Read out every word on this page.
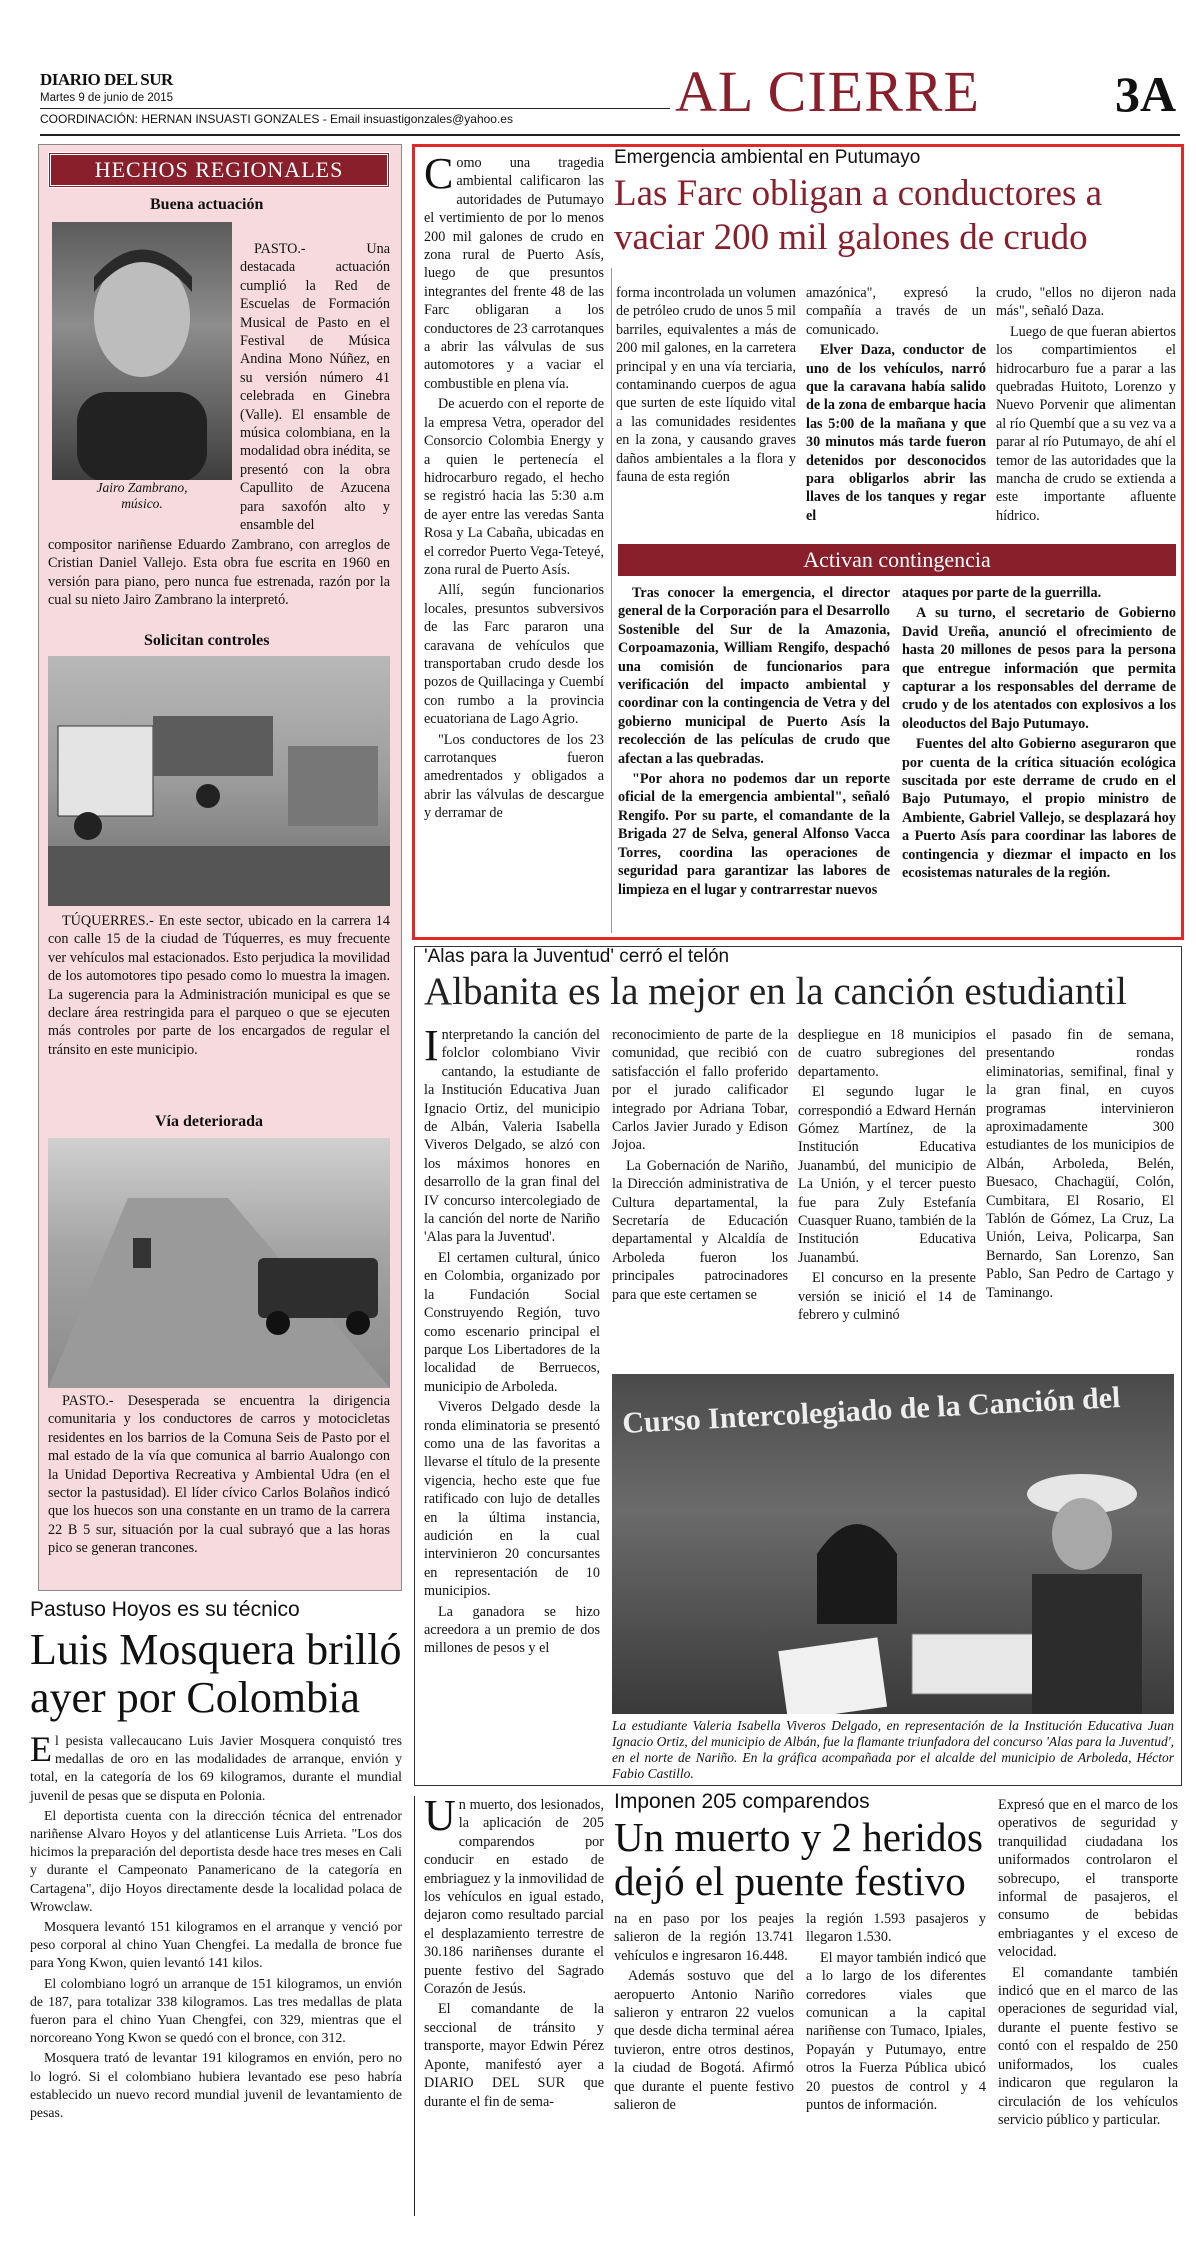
DIARIO DEL SUR
Martes 9 de junio de 2015
COORDINACIÓN: HERNAN INSUASTI GONZALES - Email insuastigonzales@yahoo.es	AL CIERRE	3A
HECHOS REGIONALES
Buena actuación
Jairo Zambrano, músico.

PASTO.- Una destacada actuación cumplió la Red de Escuelas de Formación Musical de Pasto en el Festival de Música Andina Mono Núñez, en su versión número 41 celebrada en Ginebra (Valle). El ensamble de música colombiana, en la modalidad obra inédita, se presentó con la obra Capullito de Azucena para saxofón alto y ensamble del

compositor nariñense Eduardo Zambrano, con arreglos de Cristian Daniel Vallejo. Esta obra fue escrita en 1960 en versión para piano, pero nunca fue estrenada, razón por la cual su nieto Jairo Zambrano la interpretó.

Solicitan controles

TÚQUERRES.- En este sector, ubicado en la carrera 14 con calle 15 de la ciudad de Túquerres, es muy frecuente ver vehículos mal estacionados. Esto perjudica la movilidad de los automotores tipo pesado como lo muestra la imagen. La sugerencia para la Administración municipal es que se declare área restringida para el parqueo o que se ejecuten más controles por parte de los encargados de regular el tránsito en este municipio.

Vía deteriorada

PASTO.- Desesperada se encuentra la dirigencia comunitaria y los conductores de carros y motocicletas residentes en los barrios de la Comuna Seis de Pasto por el mal estado de la vía que comunica al barrio Aualongo con la Unidad Deportiva Recreativa y Ambiental Udra (en el sector la pastusidad). El líder cívico Carlos Bolaños indicó que los huecos son una constante en un tramo de la carrera 22 B 5 sur, situación por la cual subrayó que a las horas pico se generan trancones.

Emergencia ambiental en Putumayo
Las Farc obligan a conductores a vaciar 200 mil galones de crudo

Como una tragedia ambiental calificaron las autoridades de Putumayo el vertimiento de por lo menos 200 mil galones de crudo en zona rural de Puerto Asís, luego de que presuntos integrantes del frente 48 de las Farc obligaran a los conductores de 23 carrotanques a abrir las válvulas de sus automotores y a vaciar el combustible en plena vía.

De acuerdo con el reporte de la empresa Vetra, operador del Consorcio Colombia Energy y a quien le pertenecía el hidrocarburo regado, el hecho se registró hacia las 5:30 a.m de ayer entre las veredas Santa Rosa y La Cabaña, ubicadas en el corredor Puerto Vega-Teteyé, zona rural de Puerto Asís.

Allí, según funcionarios locales, presuntos subversivos de las Farc pararon una caravana de vehículos que transportaban crudo desde los pozos de Quillacinga y Cuembí con rumbo a la provincia ecuatoriana de Lago Agrio.

"Los conductores de los 23 carrotanques fueron amedrentados y obligados a abrir las válvulas de descargue y derramar de

forma incontrolada un volumen de petróleo crudo de unos 5 mil barriles, equivalentes a más de 200 mil galones, en la carretera principal y en una vía terciaria, contaminando cuerpos de agua que surten de este líquido vital a las comunidades residentes en la zona, y causando graves daños ambientales a la flora y fauna de esta región

amazónica", expresó la compañía a través de un comunicado.

Elver Daza, conductor de uno de los vehículos, narró que la caravana había salido de la zona de embarque hacia las 5:00 de la mañana y que 30 minutos más tarde fueron detenidos por desconocidos para obligarlos abrir las llaves de los tanques y regar el

crudo, "ellos no dijeron nada más", señaló Daza.

Luego de que fueran abiertos los compartimientos el hidrocarburo fue a parar a las quebradas Huitoto, Lorenzo y Nuevo Porvenir que alimentan al río Quembí que a su vez va a parar al río Putumayo, de ahí el temor de las autoridades que la mancha de crudo se extienda a este importante afluente hídrico.

Activan contingencia

Tras conocer la emergencia, el director general de la Corporación para el Desarrollo Sostenible del Sur de la Amazonia, Corpoamazonia, William Rengifo, despachó una comisión de funcionarios para verificación del impacto ambiental y coordinar con la contingencia de Vetra y del gobierno municipal de Puerto Asís la recolección de las películas de crudo que afectan a las quebradas.

"Por ahora no podemos dar un reporte oficial de la emergencia ambiental", señaló Rengifo. Por su parte, el comandante de la Brigada 27 de Selva, general Alfonso Vacca Torres, coordina las operaciones de seguridad para garantizar las labores de limpieza en el lugar y contrarrestar nuevos

ataques por parte de la guerrilla.

A su turno, el secretario de Gobierno David Ureña, anunció el ofrecimiento de hasta 20 millones de pesos para la persona que entregue información que permita capturar a los responsables del derrame de crudo y de los atentados con explosivos a los oleoductos del Bajo Putumayo.

Fuentes del alto Gobierno aseguraron que por cuenta de la crítica situación ecológica suscitada por este derrame de crudo en el Bajo Putumayo, el propio ministro de Ambiente, Gabriel Vallejo, se desplazará hoy a Puerto Asís para coordinar las labores de contingencia y diezmar el impacto en los ecosistemas naturales de la región.

'Alas para la Juventud' cerró el telón
Albanita es la mejor en la canción estudiantil

Interpretando la canción del folclor colombiano Vivir cantando, la estudiante de la Institución Educativa Juan Ignacio Ortiz, del municipio de Albán, Valeria Isabella Viveros Delgado, se alzó con los máximos honores en desarrollo de la gran final del IV concurso intercolegiado de la canción del norte de Nariño 'Alas para la Juventud'.

El certamen cultural, único en Colombia, organizado por la Fundación Social Construyendo Región, tuvo como escenario principal el parque Los Libertadores de la localidad de Berruecos, municipio de Arboleda.

Viveros Delgado desde la ronda eliminatoria se presentó como una de las favoritas a llevarse el título de la presente vigencia, hecho este que fue ratificado con lujo de detalles en la última instancia, audición en la cual intervinieron 20 concursantes en representación de 10 municipios.

La ganadora se hizo acreedora a un premio de dos millones de pesos y el

reconocimiento de parte de la comunidad, que recibió con satisfacción el fallo proferido por el jurado calificador integrado por Adriana Tobar, Carlos Javier Jurado y Edison Jojoa.

La Gobernación de Nariño, la Dirección administrativa de Cultura departamental, la Secretaría de Educación departamental y Alcaldía de Arboleda fueron los principales patrocinadores para que este certamen se

despliegue en 18 municipios de cuatro subregiones del departamento.

El segundo lugar le correspondió a Edward Hernán Gómez Martínez, de la Institución Educativa Juanambú, del municipio de La Unión, y el tercer puesto fue para Zuly Estefanía Cuasquer Ruano, también de la Institución Educativa Juanambú.

El concurso en la presente versión se inició el 14 de febrero y culminó

el pasado fin de semana, presentando rondas eliminatorias, semifinal, final y la gran final, en cuyos programas intervinieron aproximadamente 300 estudiantes de los municipios de Albán, Arboleda, Belén, Buesaco, Chachagüí, Colón, Cumbitara, El Rosario, El Tablón de Gómez, La Cruz, La Unión, Leiva, Policarpa, San Bernardo, San Lorenzo, San Pablo, San Pedro de Cartago y Taminango.

Curso Intercolegiado de la Canción del
La estudiante Valeria Isabella Viveros Delgado, en representación de la Institución Educativa Juan Ignacio Ortiz, del municipio de Albán, fue la flamante triunfadora del concurso 'Alas para la Juventud', en el norte de Nariño. En la gráfica acompañada por el alcalde del municipio de Arboleda, Héctor Fabio Castillo.
Pastuso Hoyos es su técnico
Luis Mosquera brilló ayer por Colombia

El pesista vallecaucano Luis Javier Mosquera conquistó tres medallas de oro en las modalidades de arranque, envión y total, en la categoría de los 69 kilogramos, durante el mundial juvenil de pesas que se disputa en Polonia.

El deportista cuenta con la dirección técnica del entrenador nariñense Alvaro Hoyos y del atlanticense Luis Arrieta. "Los dos hicimos la preparación del deportista desde hace tres meses en Cali y durante el Campeonato Panamericano de la categoría en Cartagena", dijo Hoyos directamente desde la localidad polaca de Wrowclaw.

Mosquera levantó 151 kilogramos en el arranque y venció por peso corporal al chino Yuan Chengfei. La medalla de bronce fue para Yong Kwon, quien levantó 141 kilos.

El colombiano logró un arranque de 151 kilogramos, un envión de 187, para totalizar 338 kilogramos. Las tres medallas de plata fueron para el chino Yuan Chengfei, con 329, mientras que el norcoreano Yong Kwon se quedó con el bronce, con 312.

Mosquera trató de levantar 191 kilogramos en envión, pero no lo logró. Si el colombiano hubiera levantado ese peso habría establecido un nuevo record mundial juvenil de levantamiento de pesas.

Imponen 205 comparendos
Un muerto y 2 heridos dejó el puente festivo

Un muerto, dos lesionados, la aplicación de 205 comparendos por conducir en estado de embriaguez y la inmovilidad de los vehículos en igual estado, dejaron como resultado parcial el desplazamiento terrestre de 30.186 nariñenses durante el puente festivo del Sagrado Corazón de Jesús.

El comandante de la seccional de tránsito y transporte, mayor Edwin Pérez Aponte, manifestó ayer a DIARIO DEL SUR que durante el fin de sema-

na en paso por los peajes salieron de la región 13.741 vehículos e ingresaron 16.448.

Además sostuvo que del aeropuerto Antonio Nariño salieron y entraron 22 vuelos que desde dicha terminal aérea tuvieron, entre otros destinos, la ciudad de Bogotá. Afirmó que durante el puente festivo salieron de

la región 1.593 pasajeros y llegaron 1.530.

El mayor también indicó que a lo largo de los diferentes corredores viales que comunican a la capital nariñense con Tumaco, Ipiales, Popayán y Putumayo, entre otros la Fuerza Pública ubicó 20 puestos de control y 4 puntos de información.

Expresó que en el marco de los operativos de seguridad y tranquilidad ciudadana los uniformados controlaron el sobrecupo, el transporte informal de pasajeros, el consumo de bebidas embriagantes y el exceso de velocidad.

El comandante también indicó que en el marco de las operaciones de seguridad vial, durante el puente festivo se contó con el respaldo de 250 uniformados, los cuales indicaron que regularon la circulación de los vehículos servicio público y particular.
